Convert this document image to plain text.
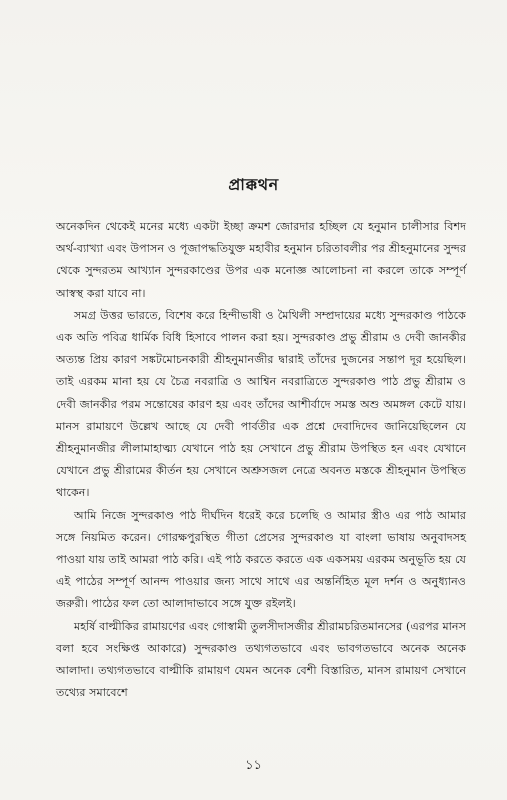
প্রাক্কথন

অনেকদিন থেকেই মনের মধ্যে একটা ইচ্ছা ক্রমশ জোরদার হচ্ছিল যে হনুমান চালীসার বিশদ অর্থ-ব্যাখ্যা এবং উপাসন ও পূজাপদ্ধতিযুক্ত মহাবীর হনুমান চরিতাবলীর পর শ্রীহনুমানের সুন্দর থেকে সুন্দরতম আখ্যান সুন্দরকাণ্ডের উপর এক মনোজ্ঞ আলোচনা না করলে তাকে সম্পূর্ণ আস্বস্থ করা যাবে না।

সমগ্র উত্তর ভারতে, বিশেষ করে হিন্দীভাষী ও মৈথিলী সম্প্রদায়ের মধ্যে সুন্দরকাণ্ড পাঠকে এক অতি পবিত্র ধার্মিক বিধি হিসাবে পালন করা হয়। সুন্দরকাণ্ড প্রভু শ্রীরাম ও দেবী জানকীর অত্যন্ত প্রিয় কারণ সঙ্কটমোচনকারী শ্রীহনুমানজীর দ্বারাই তাঁদের দুজনের সন্তাপ দূর হয়েছিল। তাই এরকম মানা হয় যে চৈত্র নবরাত্রি ও আশ্বিন নবরাত্রিতে সুন্দরকাণ্ড পাঠ প্রভু শ্রীরাম ও দেবী জানকীর পরম সন্তোষের কারণ হয় এবং তাঁদের আশীর্বাদে সমস্ত অশু অমঙ্গল কেটে যায়। মানস রামায়ণে উল্লেখ আছে যে দেবী পার্বতীর এক প্রশ্নে দেবাদিদেব জানিয়েছিলেন যে শ্রীহনুমানজীর লীলামাহাত্ম্য যেখানে পাঠ হয় সেখানে প্রভু শ্রীরাম উপস্থিত হন এবং যেখানে যেখানে প্রভু শ্রীরামের কীর্তন হয় সেখানে অশ্রুসজল নেত্রে অবনত মস্তকে শ্রীহনুমান উপস্থিত থাকেন।

আমি নিজে সুন্দরকাণ্ড পাঠ দীর্ঘদিন ধরেই করে চলেছি ও আমার স্ত্রীও এর পাঠ আমার সঙ্গে নিয়মিত করেন। গোরক্ষপুরস্থিত গীতা প্রেসের সুন্দরকাণ্ড যা বাংলা ভাষায় অনুবাদসহ পাওয়া যায় তাই আমরা পাঠ করি। এই পাঠ করতে করতে এক একসময় এরকম অনুভূতি হয় যে এই পাঠের সম্পূর্ণ আনন্দ পাওয়ার জন্য সাথে সাথে এর অন্তর্নিহিত মূল দর্শন ও অনুধ্যানও জরুরী। পাঠের ফল তো আলাদাভাবে সঙ্গে যুক্ত রইলই।

মহর্ষি বাল্মীকির রামায়ণের এবং গোস্বামী তুলসীদাসজীর শ্রীরামচরিতমানসের (এরপর মানস বলা হবে সংক্ষিপ্ত আকারে) সুন্দরকাণ্ড তথ্যগতভাবে এবং ভাবগতভাবে অনেক অনেক আলাদা। তথ্যগতভাবে বাল্মীকি রামায়ণ যেমন অনেক বেশী বিস্তারিত, মানস রামায়ণ সেখানে তথ্যের সমাবেশে

১১
